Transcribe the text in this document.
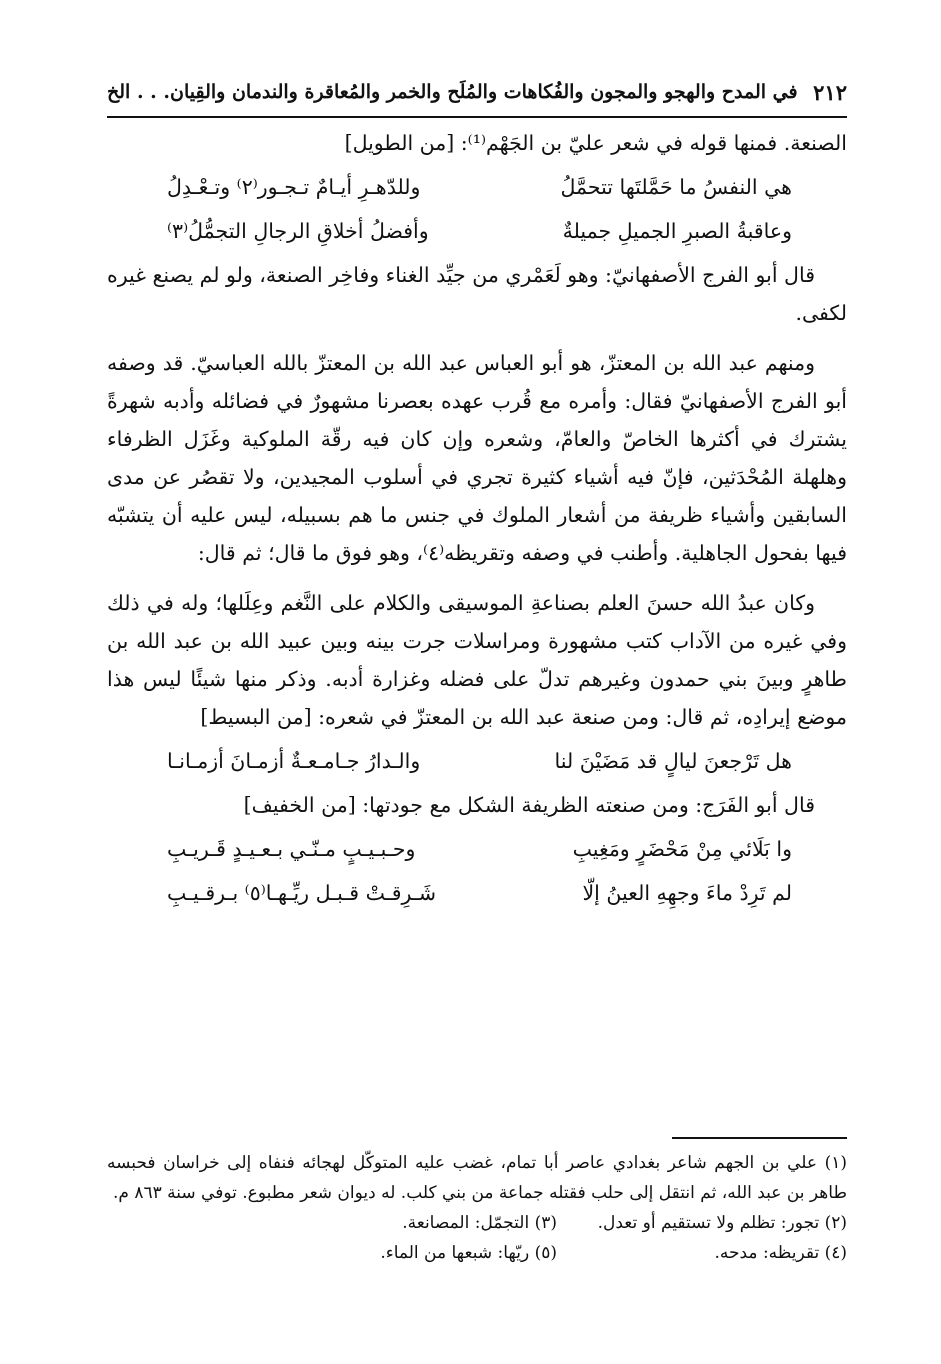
٢١٢
في المدح والهجو والمجون والفُكاهات والمُلَح والخمر والمُعاقرة والندمان والقِيان. . . الخ

الصنعة. فمنها قوله في شعر عليّ بن الجَهْم⁽¹⁾: [من الطويل]

هي النفسُ ما حَمَّلتَها تتحمَّلُ
وللدّهـرِ أيـامٌ تـجـور⁽٢⁾ وتـعْـدِلُ
وعاقبةُ الصبرِ الجميلِ جميلةٌ
وأفضلُ أخلاقِ الرجالِ التجمُّلُ⁽٣⁾

قال أبو الفرج الأصفهانيّ: وهو لَعَمْري من جيِّد الغناء وفاخِر الصنعة، ولو لم يصنع غيره لكفى.

ومنهم عبد الله بن المعتزّ، هو أبو العباس عبد الله بن المعتزّ بالله العباسيّ. قد وصفه أبو الفرج الأصفهانيّ فقال: وأمره مع قُرب عهده بعصرنا مشهورٌ في فضائله وأدبه شهرةً يشترك في أكثرها الخاصّ والعامّ، وشعره وإن كان فيه رقّة الملوكية وغَزَل الظرفاء وهلهلة المُحْدَثين، فإنّ فيه أشياء كثيرة تجري في أسلوب المجيدين، ولا تقصُر عن مدى السابقين وأشياء ظريفة من أشعار الملوك في جنس ما هم بسبيله، ليس عليه أن يتشبّه فيها بفحول الجاهلية. وأطنب في وصفه وتقريظه⁽٤⁾، وهو فوق ما قال؛ ثم قال:

وكان عبدُ الله حسنَ العلم بصناعةِ الموسيقى والكلام على النَّغم وعِلَلها؛ وله في ذلك وفي غيره من الآداب كتب مشهورة ومراسلات جرت بينه وبين عبيد الله بن عبد الله بن طاهرٍ وبينَ بني حمدون وغيرهم تدلّ على فضله وغزارة أدبه. وذكر منها شيئًا ليس هذا موضع إيرادِه، ثم قال: ومن صنعة عبد الله بن المعتزّ في شعره: [من البسيط]

هل تَرْجعنَ ليالٍ قد مَضَيْنَ لنا
والـدارُ جـامـعـةٌ أزمـانَ أزمـانـا

قال أبو الفَرَج: ومن صنعته الظريفة الشكل مع جودتها: [من الخفيف]

وا بَلَائي مِنْ مَحْضَرٍ ومَغِيبِ
وحـبـيـبٍ مـنّـي بـعـيـدٍ قَـريـبِ
لم تَرِدْ ماءَ وجهِهِ العينُ إلّا
شَـرِقـتْ قـبـل ريِّـهـا⁽٥⁾ بـرقـيـبِ

(١) علي بن الجهم شاعر بغدادي عاصر أبا تمام، غضب عليه المتوكّل لهجائه فنفاه إلى خراسان فحبسه طاهر بن عبد الله، ثم انتقل إلى حلب فقتله جماعة من بني كلب. له ديوان شعر مطبوع. توفي سنة ٨٦٣ م.

(٢) تجور: تظلم ولا تستقيم أو تعدل.
(٣) التجمّل: المصانعة.
(٤) تقريظه: مدحه.
(٥) ريّها: شبعها من الماء.
